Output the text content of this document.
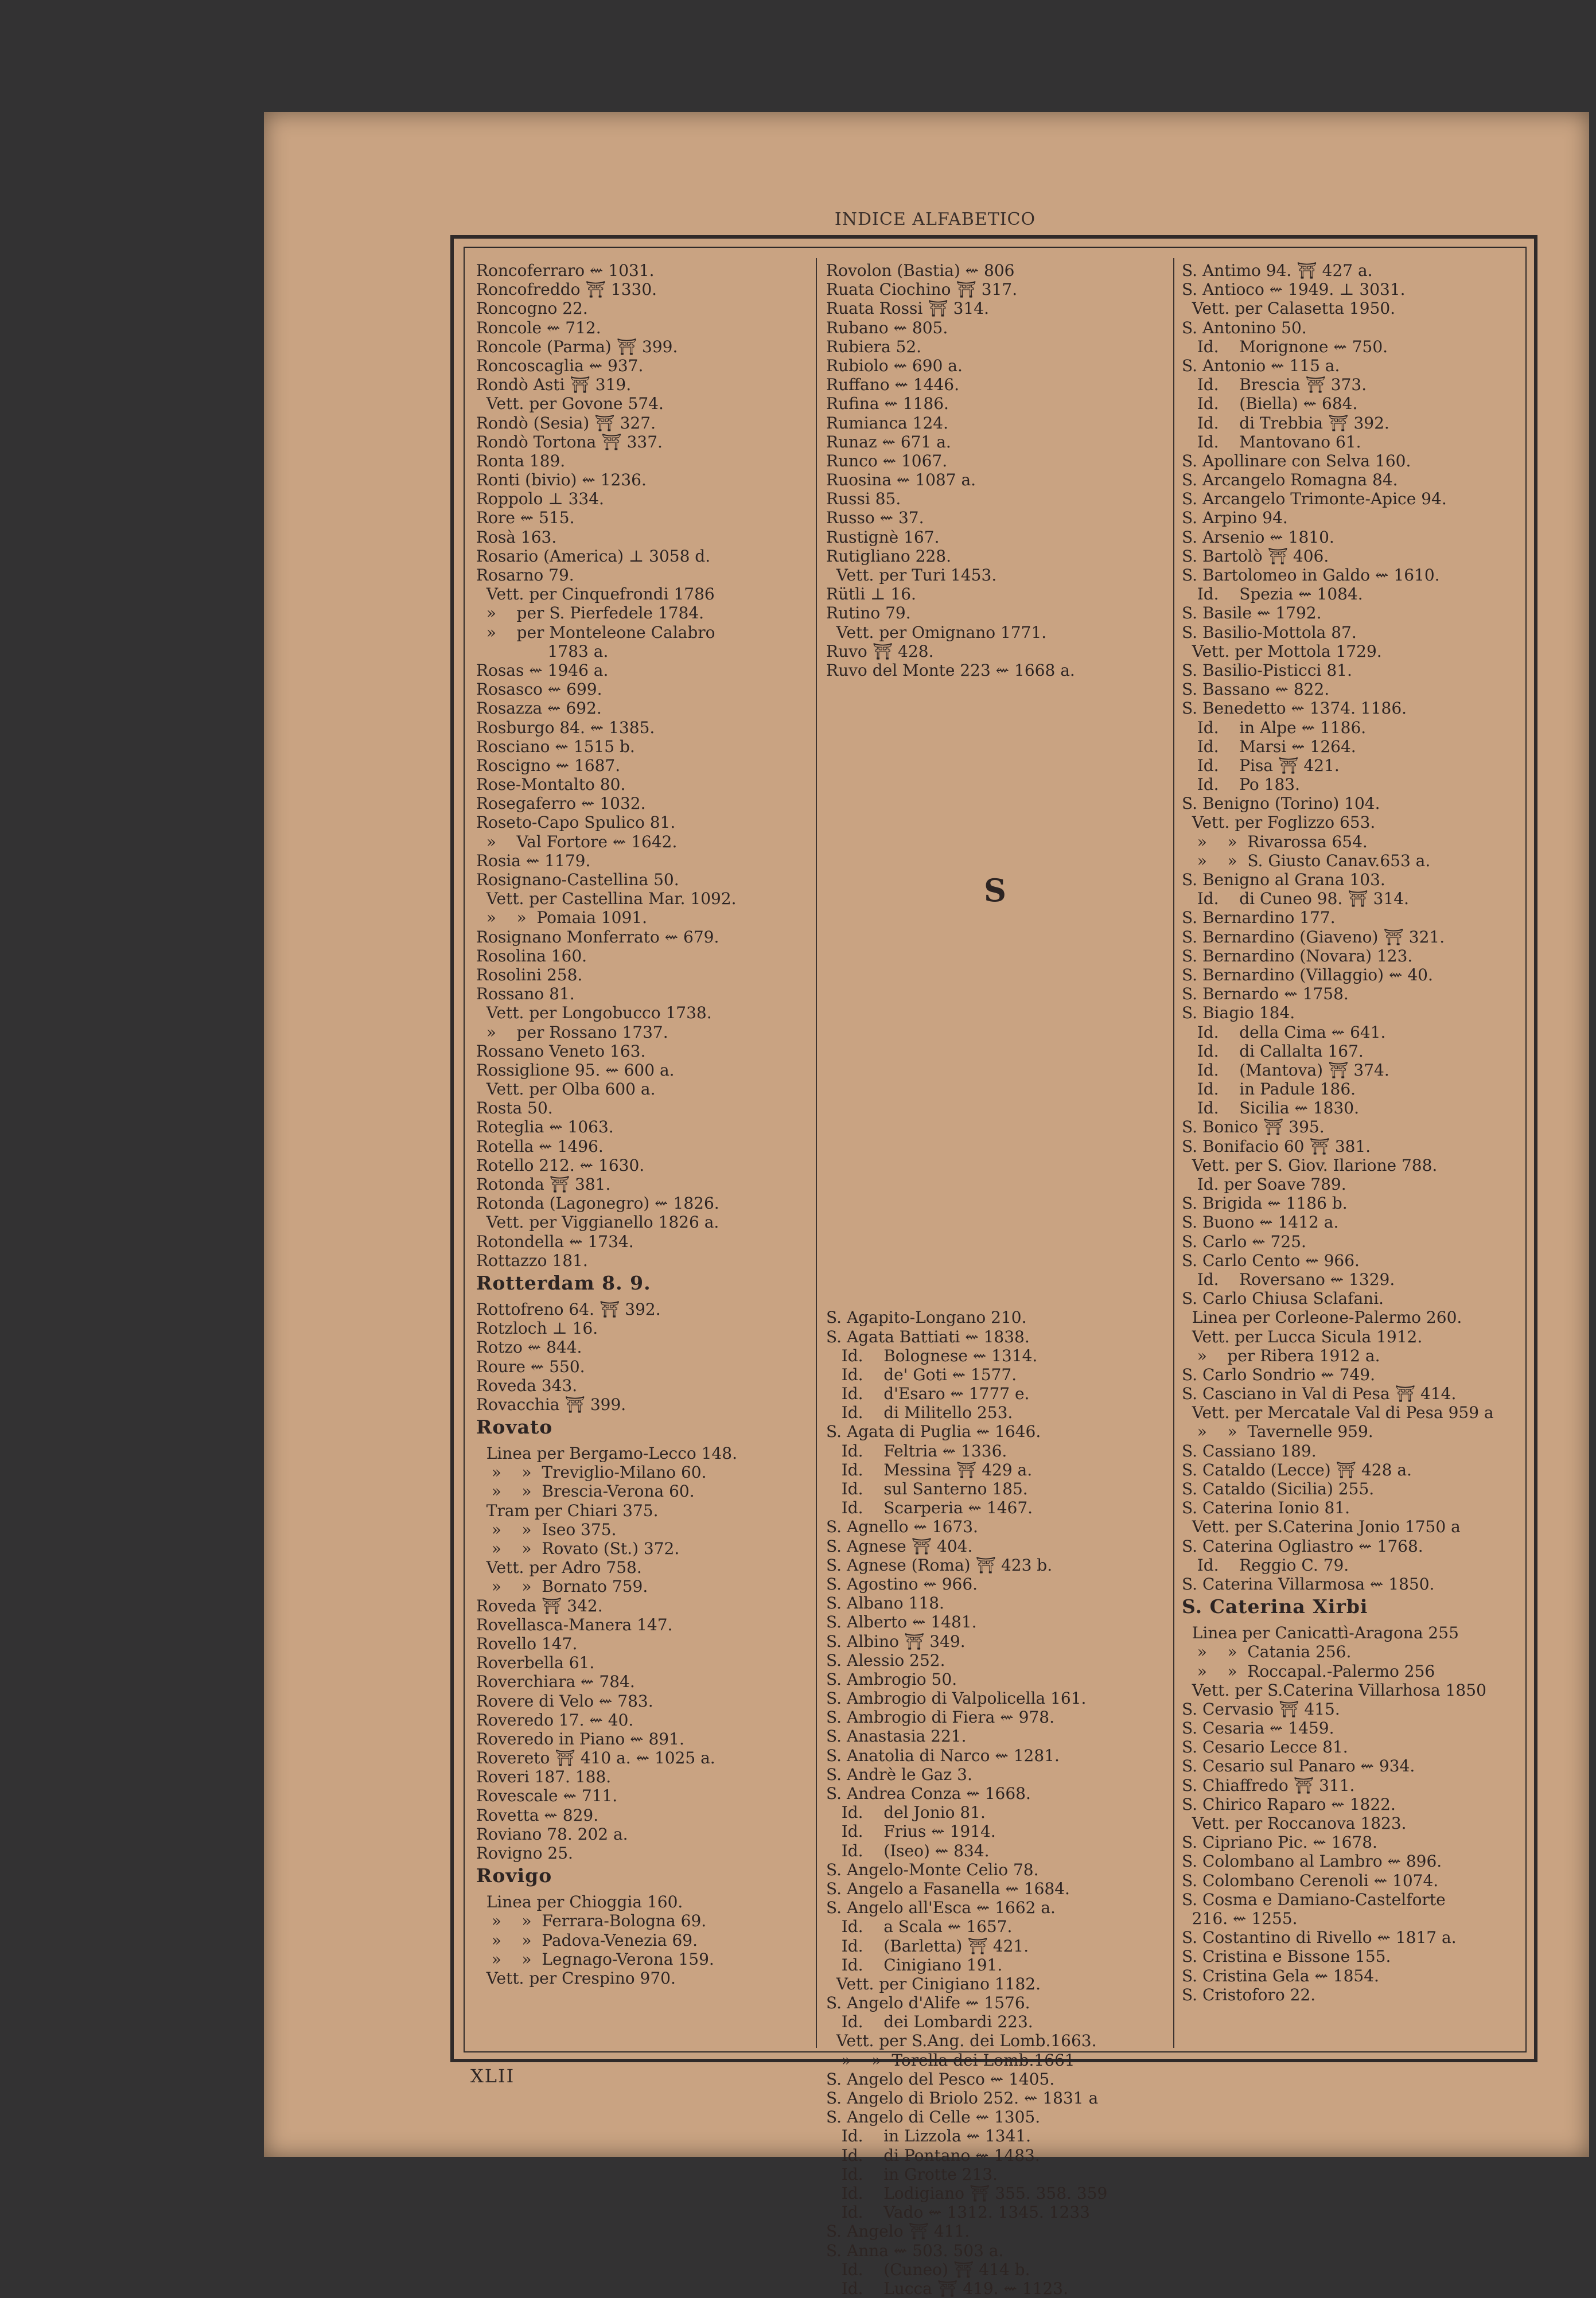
INDICE ALFABETICO
Roncoferraro ⇜ 1031.
Roncofreddo ⛩ 1330.
Roncogno 22.
Roncole ⇜ 712.
Roncole (Parma) ⛩ 399.
Roncoscaglia ⇜ 937.
Rondò Asti ⛩ 319.
Vett. per Govone 574.
Rondò (Sesia) ⛩ 327.
Rondò Tortona ⛩ 337.
Ronta 189.
Ronti (bivio) ⇜ 1236.
Roppolo ⊥ 334.
Rore ⇜ 515.
Rosà 163.
Rosario (America) ⊥ 3058 d.
Rosarno 79.
Vett. per Cinquefrondi 1786
»    per S. Pierfedele 1784.
»    per Monteleone Calabro
1783 a.
Rosas ⇜ 1946 a.
Rosasco ⇜ 699.
Rosazza ⇜ 692.
Rosburgo 84. ⇜ 1385.
Rosciano ⇜ 1515 b.
Roscigno ⇜ 1687.
Rose-Montalto 80.
Rosegaferro ⇜ 1032.
Roseto-Capo Spulico 81.
»    Val Fortore ⇜ 1642.
Rosia ⇜ 1179.
Rosignano-Castellina 50.
Vett. per Castellina Mar. 1092.
»    »  Pomaia 1091.
Rosignano Monferrato ⇜ 679.
Rosolina 160.
Rosolini 258.
Rossano 81.
Vett. per Longobucco 1738.
»    per Rossano 1737.
Rossano Veneto 163.
Rossiglione 95. ⇜ 600 a.
Vett. per Olba 600 a.
Rosta 50.
Roteglia ⇜ 1063.
Rotella ⇜ 1496.
Rotello 212. ⇜ 1630.
Rotonda ⛩ 381.
Rotonda (Lagonegro) ⇜ 1826.
Vett. per Viggianello 1826 a.
Rotondella ⇜ 1734.
Rottazzo 181.
Rotterdam 8. 9.
Rottofreno 64. ⛩ 392.
Rotzloch ⊥ 16.
Rotzo ⇜ 844.
Roure ⇜ 550.
Roveda 343.
Rovacchia ⛩ 399.
Rovato
Linea per Bergamo-Lecco 148.
»    »  Treviglio-Milano 60.
»    »  Brescia-Verona 60.
Tram per Chiari 375.
»    »  Iseo 375.
»    »  Rovato (St.) 372.
Vett. per Adro 758.
»    »  Bornato 759.
Roveda ⛩ 342.
Rovellasca-Manera 147.
Rovello 147.
Roverbella 61.
Roverchiara ⇜ 784.
Rovere di Velo ⇜ 783.
Roveredo 17. ⇜ 40.
Roveredo in Piano ⇜ 891.
Rovereto ⛩ 410 a. ⇜ 1025 a.
Roveri 187. 188.
Rovescale ⇜ 711.
Rovetta ⇜ 829.
Roviano 78. 202 a.
Rovigno 25.
Rovigo
Linea per Chioggia 160.
»    »  Ferrara-Bologna 69.
»    »  Padova-Venezia 69.
»    »  Legnago-Verona 159.
Vett. per Crespino 970.
Rovolon (Bastia) ⇜ 806
Ruata Ciochino ⛩ 317.
Ruata Rossi ⛩ 314.
Rubano ⇜ 805.
Rubiera 52.
Rubiolo ⇜ 690 a.
Ruffano ⇜ 1446.
Rufina ⇜ 1186.
Rumianca 124.
Runaz ⇜ 671 a.
Runco ⇜ 1067.
Ruosina ⇜ 1087 a.
Russi 85.
Russo ⇜ 37.
Rustignè 167.
Rutigliano 228.
Vett. per Turi 1453.
Rütli ⊥ 16.
Rutino 79.
Vett. per Omignano 1771.
Ruvo ⛩ 428.
Ruvo del Monte 223 ⇜ 1668 a.
S. Agapito-Longano 210.
S. Agata Battiati ⇜ 1838.
Id.    Bolognese ⇜ 1314.
Id.    de' Goti ⇜ 1577.
Id.    d'Esaro ⇜ 1777 e.
Id.    di Militello 253.
S. Agata di Puglia ⇜ 1646.
Id.    Feltria ⇜ 1336.
Id.    Messina ⛩ 429 a.
Id.    sul Santerno 185.
Id.    Scarperia ⇜ 1467.
S. Agnello ⇜ 1673.
S. Agnese ⛩ 404.
S. Agnese (Roma) ⛩ 423 b.
S. Agostino ⇜ 966.
S. Albano 118.
S. Alberto ⇜ 1481.
S. Albino ⛩ 349.
S. Alessio 252.
S. Ambrogio 50.
S. Ambrogio di Valpolicella 161.
S. Ambrogio di Fiera ⇜ 978.
S. Anastasia 221.
S. Anatolia di Narco ⇜ 1281.
S. Andrè le Gaz 3.
S. Andrea Conza ⇜ 1668.
Id.    del Jonio 81.
Id.    Frius ⇜ 1914.
Id.    (Iseo) ⇜ 834.
S. Angelo-Monte Celio 78.
S. Angelo a Fasanella ⇜ 1684.
S. Angelo all'Esca ⇜ 1662 a.
Id.    a Scala ⇜ 1657.
Id.    (Barletta) ⛩ 421.
Id.    Cinigiano 191.
Vett. per Cinigiano 1182.
S. Angelo d'Alife ⇜ 1576.
Id.    dei Lombardi 223.
Vett. per S.Ang. dei Lomb.1663.
»    »  Torella dei Lomb.1661
S. Angelo del Pesco ⇜ 1405.
S. Angelo di Briolo 252. ⇜ 1831 a
S. Angelo di Celle ⇜ 1305.
Id.    in Lizzola ⇜ 1341.
Id.    di Pontano ⇜ 1483.
Id.    in Grotte 213.
Id.    Lodigiano ⛩ 355. 358. 359
Id.    Vado ⇜ 1312. 1345. 1233
S. Angelo ⛩ 411.
S. Anna ⇜ 503. 503 a.
Id.    (Cuneo) ⛩ 414 b.
Id.    Lucca ⛩ 419. ⇜ 1123.
S. Antimo 94. ⛩ 427 a.
S. Antioco ⇜ 1949. ⊥ 3031.
Vett. per Calasetta 1950.
S. Antonino 50.
Id.    Morignone ⇜ 750.
S. Antonio ⇜ 115 a.
Id.    Brescia ⛩ 373.
Id.    (Biella) ⇜ 684.
Id.    di Trebbia ⛩ 392.
Id.    Mantovano 61.
S. Apollinare con Selva 160.
S. Arcangelo Romagna 84.
S. Arcangelo Trimonte-Apice 94.
S. Arpino 94.
S. Arsenio ⇜ 1810.
S. Bartolò ⛩ 406.
S. Bartolomeo in Galdo ⇜ 1610.
Id.    Spezia ⇜ 1084.
S. Basile ⇜ 1792.
S. Basilio-Mottola 87.
Vett. per Mottola 1729.
S. Basilio-Pisticci 81.
S. Bassano ⇜ 822.
S. Benedetto ⇜ 1374. 1186.
Id.    in Alpe ⇜ 1186.
Id.    Marsi ⇜ 1264.
Id.    Pisa ⛩ 421.
Id.    Po 183.
S. Benigno (Torino) 104.
Vett. per Foglizzo 653.
»    »  Rivarossa 654.
»    »  S. Giusto Canav.653 a.
S. Benigno al Grana 103.
Id.    di Cuneo 98. ⛩ 314.
S. Bernardino 177.
S. Bernardino (Giaveno) ⛩ 321.
S. Bernardino (Novara) 123.
S. Bernardino (Villaggio) ⇜ 40.
S. Bernardo ⇜ 1758.
S. Biagio 184.
Id.    della Cima ⇜ 641.
Id.    di Callalta 167.
Id.    (Mantova) ⛩ 374.
Id.    in Padule 186.
Id.    Sicilia ⇜ 1830.
S. Bonico ⛩ 395.
S. Bonifacio 60 ⛩ 381.
Vett. per S. Giov. Ilarione 788.
Id. per Soave 789.
S. Brigida ⇜ 1186 b.
S. Buono ⇜ 1412 a.
S. Carlo ⇜ 725.
S. Carlo Cento ⇜ 966.
Id.    Roversano ⇜ 1329.
S. Carlo Chiusa Sclafani.
Linea per Corleone-Palermo 260.
Vett. per Lucca Sicula 1912.
»    per Ribera 1912 a.
S. Carlo Sondrio ⇜ 749.
S. Casciano in Val di Pesa ⛩ 414.
Vett. per Mercatale Val di Pesa 959 a
»    »  Tavernelle 959.
S. Cassiano 189.
S. Cataldo (Lecce) ⛩ 428 a.
S. Cataldo (Sicilia) 255.
S. Caterina Ionio 81.
Vett. per S.Caterina Jonio 1750 a
S. Caterina Ogliastro ⇜ 1768.
Id.    Reggio C. 79.
S. Caterina Villarmosa ⇜ 1850.
S. Caterina Xirbi
Linea per Canicattì-Aragona 255
»    »  Catania 256.
»    »  Roccapal.-Palermo 256
Vett. per S.Caterina Villarhosa 1850
S. Cervasio ⛩ 415.
S. Cesaria ⇜ 1459.
S. Cesario Lecce 81.
S. Cesario sul Panaro ⇜ 934.
S. Chiaffredo ⛩ 311.
S. Chirico Raparo ⇜ 1822.
Vett. per Roccanova 1823.
S. Cipriano Pic. ⇜ 1678.
S. Colombano al Lambro ⇜ 896.
S. Colombano Cerenoli ⇜ 1074.
S. Cosma e Damiano-Castelforte
216. ⇜ 1255.
S. Costantino di Rivello ⇜ 1817 a.
S. Cristina e Bissone 155.
S. Cristina Gela ⇜ 1854.
S. Cristoforo 22.
S
XLII
